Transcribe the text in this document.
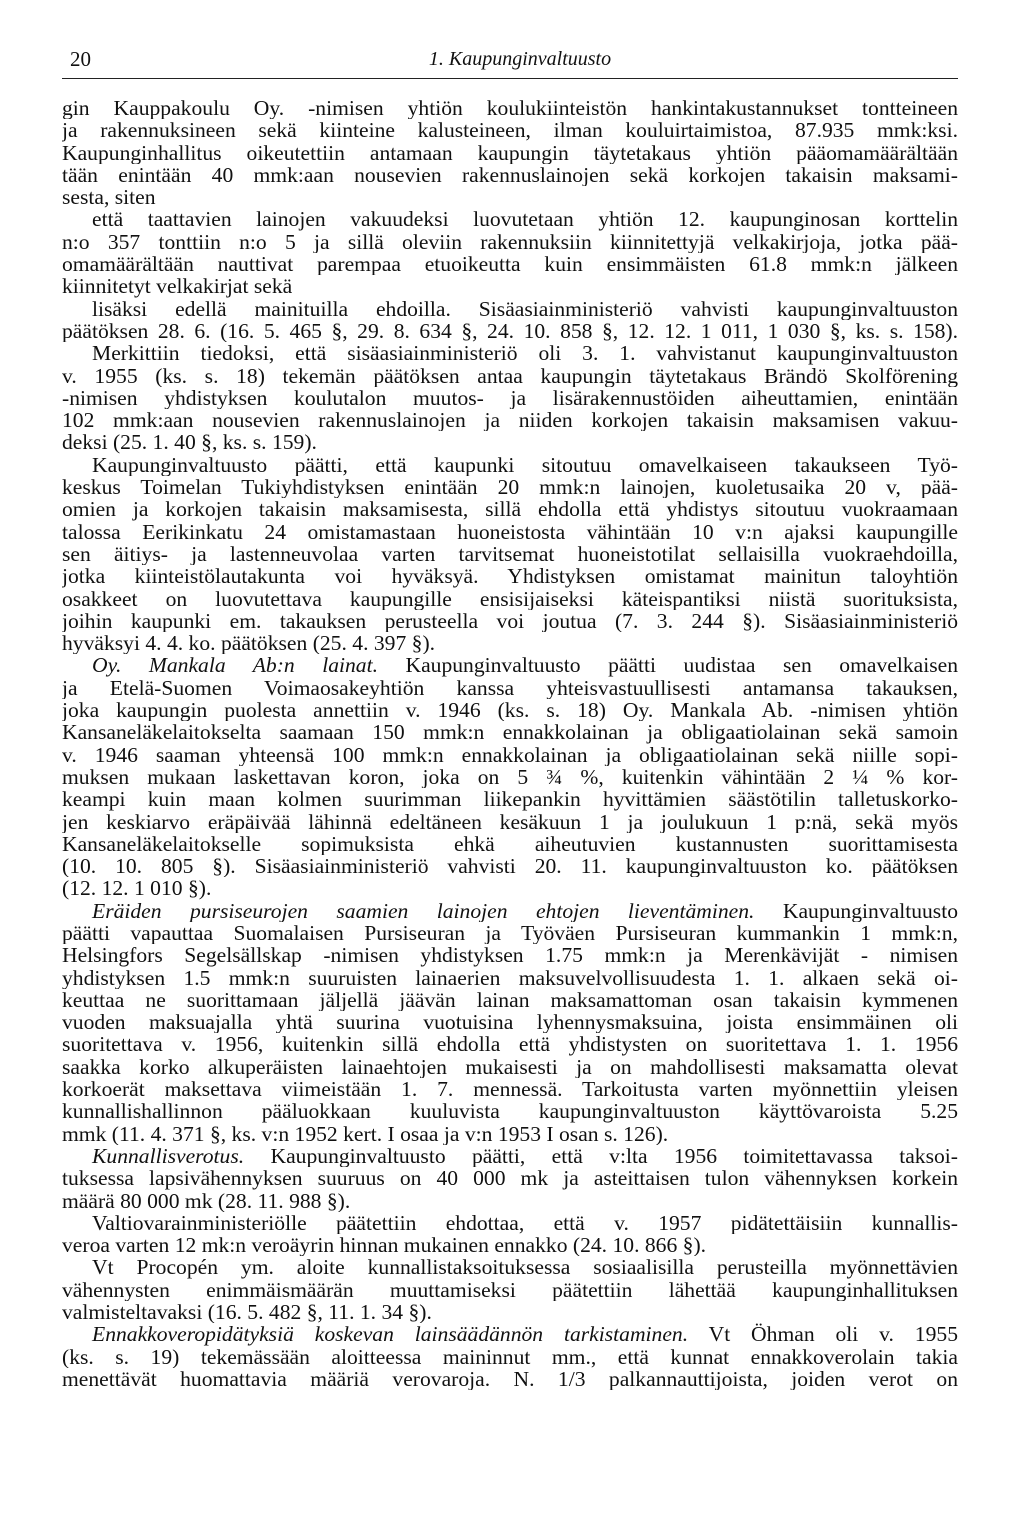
20	1. Kaupunginvaltuusto
gin Kauppakoulu Oy. -nimisen yhtiön koulukiinteistön hankintakustannukset tontteineen
ja rakennuksineen sekä kiinteine kalusteineen, ilman kouluirtaimistoa, 87.935 mmk:ksi.
Kaupunginhallitus oikeutettiin antamaan kaupungin täytetakaus yhtiön pääomamäärältään
tään enintään 40 mmk:aan nousevien rakennuslainojen sekä korkojen takaisin maksami-
sesta, siten
että taattavien lainojen vakuudeksi luovutetaan yhtiön 12. kaupunginosan korttelin
n:o 357 tonttiin n:o 5 ja sillä oleviin rakennuksiin kiinnitettyjä velkakirjoja, jotka pää-
omamäärältään nauttivat parempaa etuoikeutta kuin ensimmäisten 61.8 mmk:n jälkeen
kiinnitetyt velkakirjat sekä
lisäksi edellä mainituilla ehdoilla. Sisäasiainministeriö vahvisti kaupunginvaltuuston
päätöksen 28. 6. (16. 5. 465 §, 29. 8. 634 §, 24. 10. 858 §, 12. 12. 1 011, 1 030 §, ks. s. 158).
Merkittiin tiedoksi, että sisäasiainministeriö oli 3. 1. vahvistanut kaupunginvaltuuston
v. 1955 (ks. s. 18) tekemän päätöksen antaa kaupungin täytetakaus Brändö Skolförening
-nimisen yhdistyksen koulutalon muutos- ja lisärakennustöiden aiheuttamien, enintään
102 mmk:aan nousevien rakennuslainojen ja niiden korkojen takaisin maksamisen vakuu-
deksi (25. 1. 40 §, ks. s. 159).
Kaupunginvaltuusto päätti, että kaupunki sitoutuu omavelkaiseen takaukseen Työ-
keskus Toimelan Tukiyhdistyksen enintään 20 mmk:n lainojen, kuoletusaika 20 v, pää-
omien ja korkojen takaisin maksamisesta, sillä ehdolla että yhdistys sitoutuu vuokraamaan
talossa Eerikinkatu 24 omistamastaan huoneistosta vähintään 10 v:n ajaksi kaupungille
sen äitiys- ja lastenneuvolaa varten tarvitsemat huoneistotilat sellaisilla vuokraehdoilla,
jotka kiinteistölautakunta voi hyväksyä. Yhdistyksen omistamat mainitun taloyhtiön
osakkeet on luovutettava kaupungille ensisijaiseksi käteispantiksi niistä suorituksista,
joihin kaupunki em. takauksen perusteella voi joutua (7. 3. 244 §). Sisäasiainministeriö
hyväksyi 4. 4. ko. päätöksen (25. 4. 397 §).
Oy. Mankala Ab:n lainat. Kaupunginvaltuusto päätti uudistaa sen omavelkaisen
ja Etelä-Suomen Voimaosakeyhtiön kanssa yhteisvastuullisesti antamansa takauksen,
joka kaupungin puolesta annettiin v. 1946 (ks. s. 18) Oy. Mankala Ab. -nimisen yhtiön
Kansaneläkelaitokselta saamaan 150 mmk:n ennakkolainan ja obligaatiolainan sekä samoin
v. 1946 saaman yhteensä 100 mmk:n ennakkolainan ja obligaatiolainan sekä niille sopi-
muksen mukaan laskettavan koron, joka on 5 ¾ %, kuitenkin vähintään 2 ¼ % kor-
keampi kuin maan kolmen suurimman liikepankin hyvittämien säästötilin talletuskorko-
jen keskiarvo eräpäivää lähinnä edeltäneen kesäkuun 1 ja joulukuun 1 p:nä, sekä myös
Kansaneläkelaitokselle sopimuksista ehkä aiheutuvien kustannusten suorittamisesta
(10. 10. 805 §). Sisäasiainministeriö vahvisti 20. 11. kaupunginvaltuuston ko. päätöksen
(12. 12. 1 010 §).
Eräiden pursiseurojen saamien lainojen ehtojen lieventäminen. Kaupunginvaltuusto
päätti vapauttaa Suomalaisen Pursiseuran ja Työväen Pursiseuran kummankin 1 mmk:n,
Helsingfors Segelsällskap -nimisen yhdistyksen 1.75 mmk:n ja Merenkävijät - nimisen
yhdistyksen 1.5 mmk:n suuruisten lainaerien maksuvelvollisuudesta 1. 1. alkaen sekä oi-
keuttaa ne suorittamaan jäljellä jäävän lainan maksamattoman osan takaisin kymmenen
vuoden maksuajalla yhtä suurina vuotuisina lyhennysmaksuina, joista ensimmäinen oli
suoritettava v. 1956, kuitenkin sillä ehdolla että yhdistysten on suoritettava 1. 1. 1956
saakka korko alkuperäisten lainaehtojen mukaisesti ja on mahdollisesti maksamatta olevat
korkoerät maksettava viimeistään 1. 7. mennessä. Tarkoitusta varten myönnettiin yleisen
kunnallishallinnon pääluokkaan kuuluvista kaupunginvaltuuston käyttövaroista 5.25
mmk (11. 4. 371 §, ks. v:n 1952 kert. I osaa ja v:n 1953 I osan s. 126).
Kunnallisverotus. Kaupunginvaltuusto päätti, että v:lta 1956 toimitettavassa taksoi-
tuksessa lapsivähennyksen suuruus on 40 000 mk ja asteittaisen tulon vähennyksen korkein
määrä 80 000 mk (28. 11. 988 §).
Valtiovarainministeriölle päätettiin ehdottaa, että v. 1957 pidätettäisiin kunnallis-
veroa varten 12 mk:n veroäyrin hinnan mukainen ennakko (24. 10. 866 §).
Vt Procopén ym. aloite kunnallistaksoituksessa sosiaalisilla perusteilla myönnettävien
vähennysten enimmäismäärän muuttamiseksi päätettiin lähettää kaupunginhallituksen
valmisteltavaksi (16. 5. 482 §, 11. 1. 34 §).
Ennakkoveropidätyksiä koskevan lainsäädännön tarkistaminen. Vt Öhman oli v. 1955
(ks. s. 19) tekemässään aloitteessa maininnut mm., että kunnat ennakkoverolain takia
menettävät huomattavia määriä verovaroja. N. 1/3 palkannauttijoista, joiden verot on
